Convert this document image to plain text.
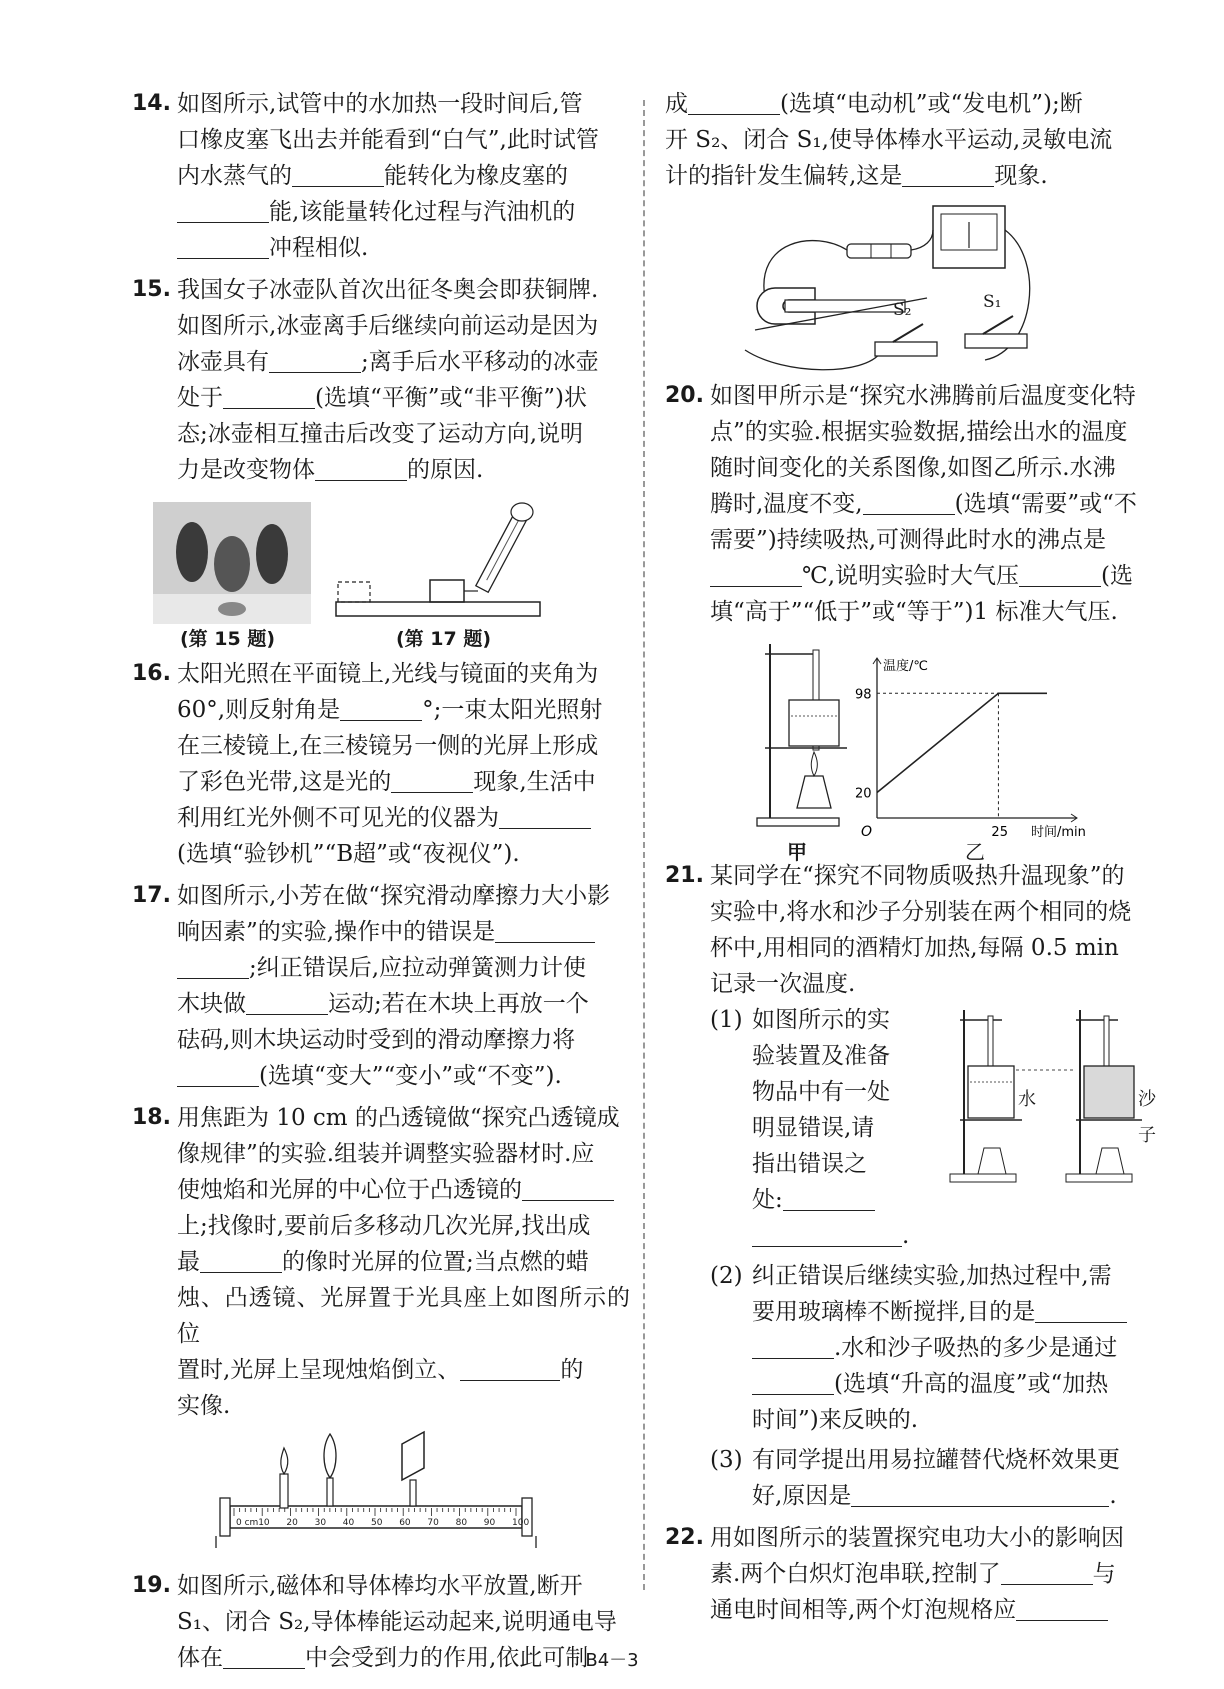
14. 如图所示,试管中的水加热一段时间后,管

口橡皮塞飞出去并能看到“白气”,此时试管

内水蒸气的	能转化为橡皮塞的

能,该能量转化过程与汽油机的

冲程相似.

15. 我国女子冰壶队首次出征冬奥会即获铜牌.

如图所示,冰壶离手后继续向前运动是因为

冰壶具有	;离手后水平移动的冰壶

处于	(选填“平衡”或“非平衡”)状

态;冰壶相互撞击后改变了运动方向,说明

力是改变物体	的原因.

(第 15 题)	(第 17 题)
16. 太阳光照在平面镜上,光线与镜面的夹角为

60°,则反射角是	°;一束太阳光照射

在三棱镜上,在三棱镜另一侧的光屏上形成

了彩色光带,这是光的	现象,生活中

利用红光外侧不可见光的仪器为

(选填“验钞机”“B超”或“夜视仪”).

17. 如图所示,小芳在做“探究滑动摩擦力大小影

响因素”的实验,操作中的错误是

;纠正错误后,应拉动弹簧测力计使

木块做	运动;若在木块上再放一个

砝码,则木块运动时受到的滑动摩擦力将

(选填“变大”“变小”或“不变”).

18. 用焦距为 10 cm 的凸透镜做“探究凸透镜成

像规律”的实验.组装并调整实验器材时.应

使烛焰和光屏的中心位于凸透镜的

上;找像时,要前后多移动几次光屏,找出成

最	的像时光屏的位置;当点燃的蜡

烛、凸透镜、光屏置于光具座上如图所示的位

置时,光屏上呈现烛焰倒立、	的

实像.

0 cm 10 20 30 40 50 60 70 80 90 100
19. 如图所示,磁体和导体棒均水平放置,断开

S₁、闭合 S₂,导体棒能运动起来,说明通电导

体在	中会受到力的作用,依此可制

成	(选填“电动机”或“发电机”);断

开 S₂、闭合 S₁,使导体棒水平运动,灵敏电流

计的指针发生偏转,这是	现象.

S₂	S₁
20. 如图甲所示是“探究水沸腾前后温度变化特

点”的实验.根据实验数据,描绘出水的温度

随时间变化的关系图像,如图乙所示.水沸

腾时,温度不变,	(选填“需要”或“不

需要”)持续吸热,可测得此时水的沸点是

℃,说明实验时大气压	(选

填“高于”“低于”或“等于”)1 标准大气压.

温度/℃
时间/min
O
20
98
25
甲	乙
21. 某同学在“探究不同物质吸热升温现象”的

实验中,将水和沙子分别装在两个相同的烧

杯中,用相同的酒精灯加热,每隔 0.5 min

记录一次温度.

(1) 如图所示的实

验装置及准备

物品中有一处

明显错误,请

指出错误之

处:

.

水	沙子
(2) 纠正错误后继续实验,加热过程中,需

要用玻璃棒不断搅拌,目的是

.水和沙子吸热的多少是通过

(选填“升高的温度”或“加热

时间”)来反映的.

(3) 有同学提出用易拉罐替代烧杯效果更

好,原因是	.

22. 用如图所示的装置探究电功大小的影响因

素.两个白炽灯泡串联,控制了	与

通电时间相等,两个灯泡规格应

B4－3
